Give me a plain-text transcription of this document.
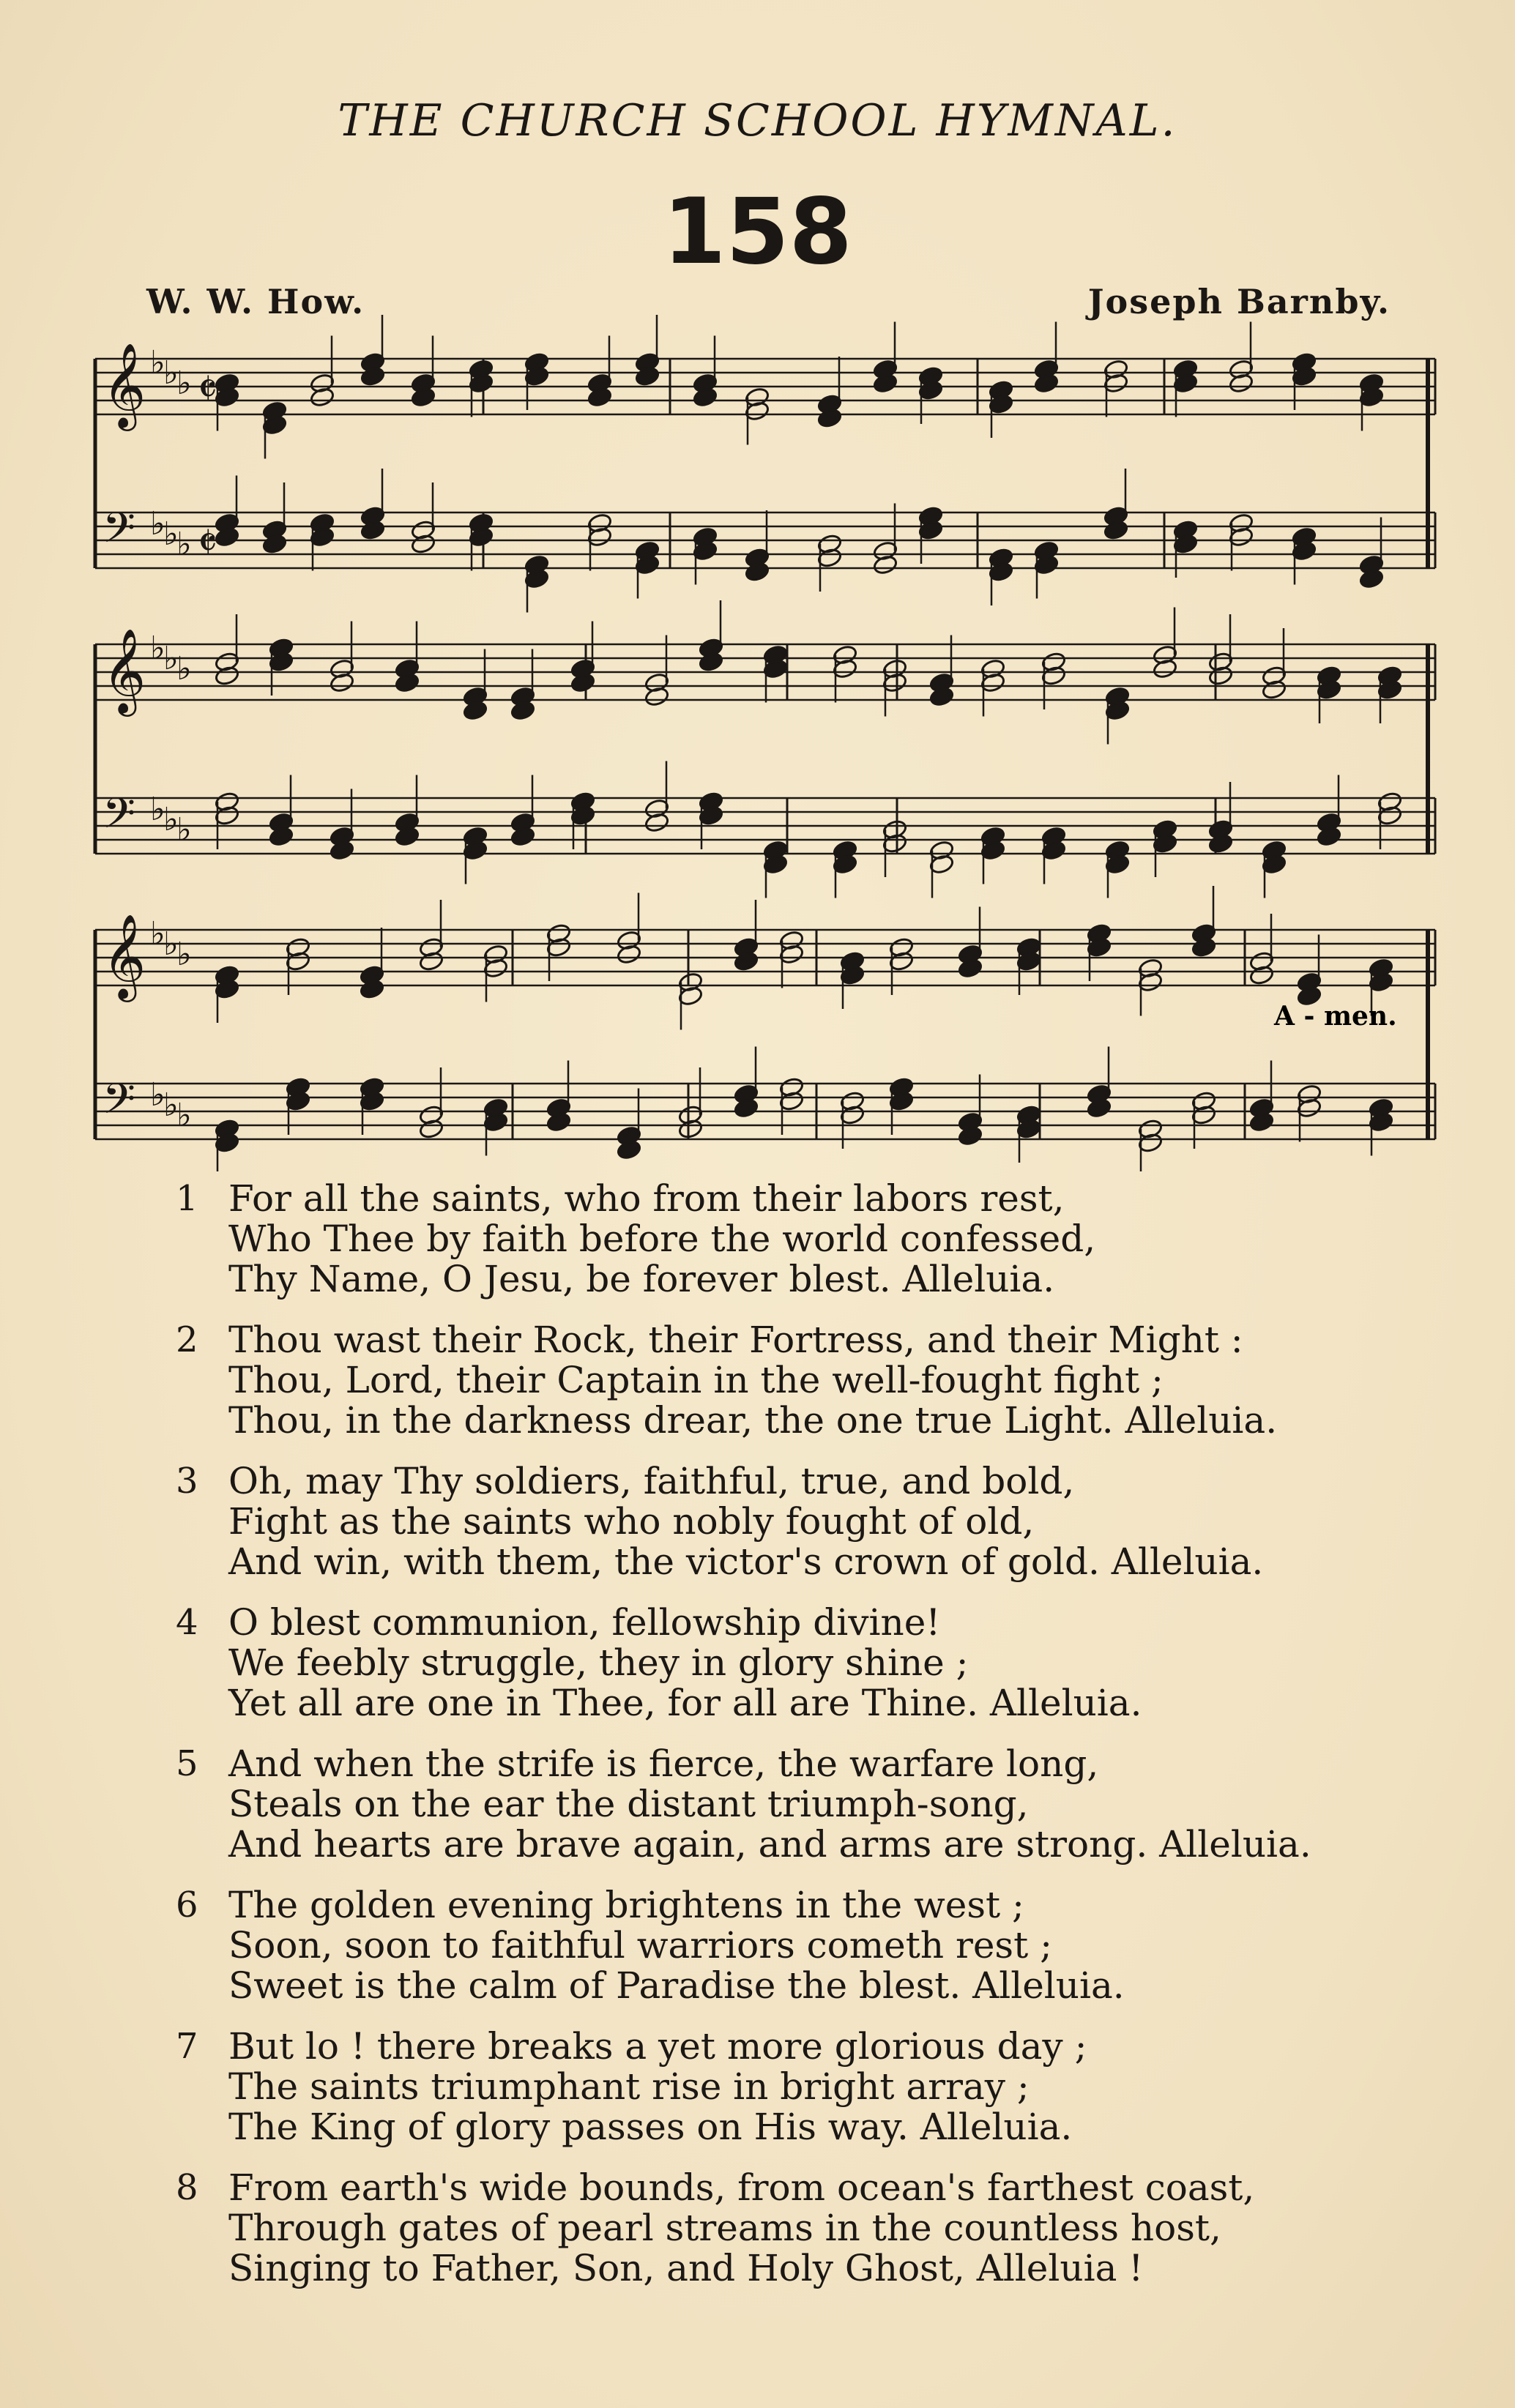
THE CHURCH SCHOOL HYMNAL.
158
W. W. How.	Joseph Barnby.
𝄞 ♭
♭
♭
𝄢 ♭
♭
♭
𝄞 ♭
♭
♭
𝄢 ♭
♭
♭
𝄞 ♭
♭
♭
𝄢 ♭
♭
♭
𝄵
𝄵
A - men.
1 For all the saints, who from their labors rest,
Who Thee by faith before the world confessed,
Thy Name, O Jesu, be forever blest. Alleluia.
2 Thou wast their Rock, their Fortress, and their Might :
Thou, Lord, their Captain in the well-fought fight ;
Thou, in the darkness drear, the one true Light. Alleluia.
3 Oh, may Thy soldiers, faithful, true, and bold,
Fight as the saints who nobly fought of old,
And win, with them, the victor's crown of gold. Alleluia.
4 O blest communion, fellowship divine!
We feebly struggle, they in glory shine ;
Yet all are one in Thee, for all are Thine. Alleluia.
5 And when the strife is fierce, the warfare long,
Steals on the ear the distant triumph-song,
And hearts are brave again, and arms are strong. Alleluia.
6 The golden evening brightens in the west ;
Soon, soon to faithful warriors cometh rest ;
Sweet is the calm of Paradise the blest. Alleluia.
7 But lo ! there breaks a yet more glorious day ;
The saints triumphant rise in bright array ;
The King of glory passes on His way. Alleluia.
8 From earth's wide bounds, from ocean's farthest coast,
Through gates of pearl streams in the countless host,
Singing to Father, Son, and Holy Ghost, Alleluia !
